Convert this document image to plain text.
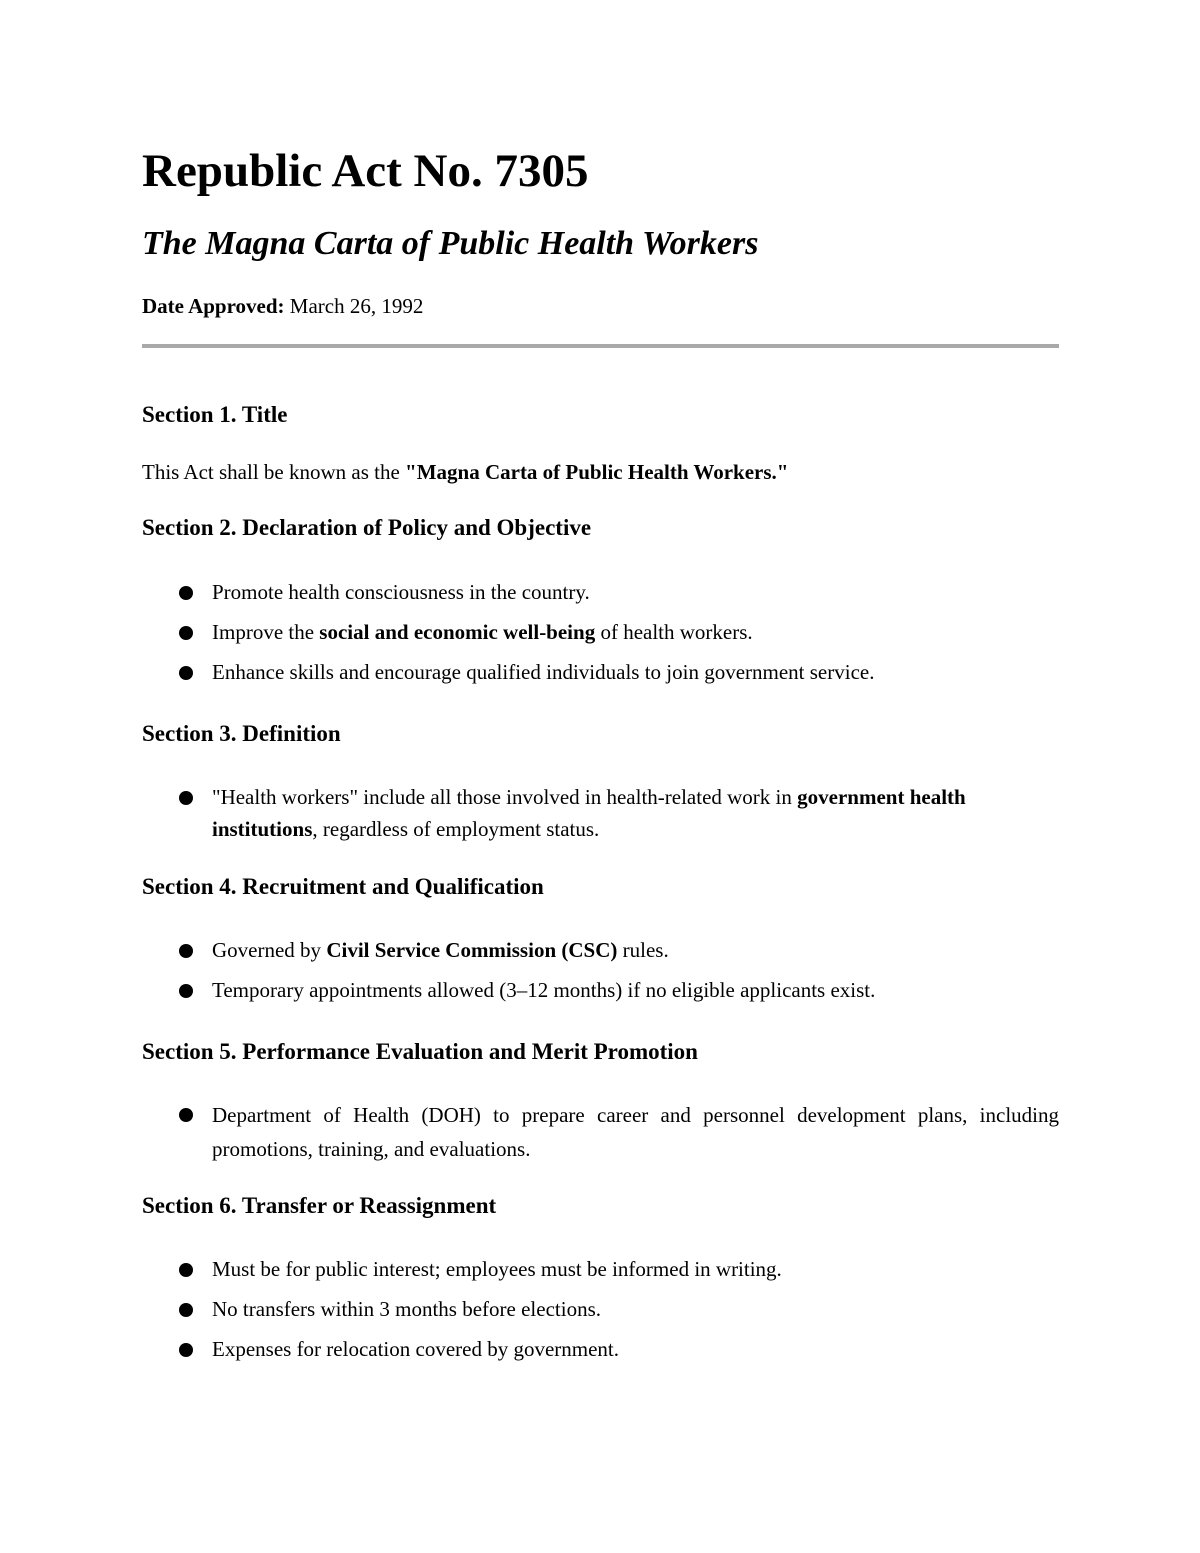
Republic Act No. 7305
The Magna Carta of Public Health Workers

Date Approved: March 26, 1992

Section 1. Title

This Act shall be known as the "Magna Carta of Public Health Workers."

Section 2. Declaration of Policy and Objective
Promote health consciousness in the country.
Improve the social and economic well-being of health workers.
Enhance skills and encourage qualified individuals to join government service.
Section 3. Definition
"Health workers" include all those involved in health-related work in government health institutions, regardless of employment status.
Section 4. Recruitment and Qualification
Governed by Civil Service Commission (CSC) rules.
Temporary appointments allowed (3–12 months) if no eligible applicants exist.
Section 5. Performance Evaluation and Merit Promotion
Department of Health (DOH) to prepare career and personnel development plans, including promotions, training, and evaluations.
Section 6. Transfer or Reassignment
Must be for public interest; employees must be informed in writing.
No transfers within 3 months before elections.
Expenses for relocation covered by government.
